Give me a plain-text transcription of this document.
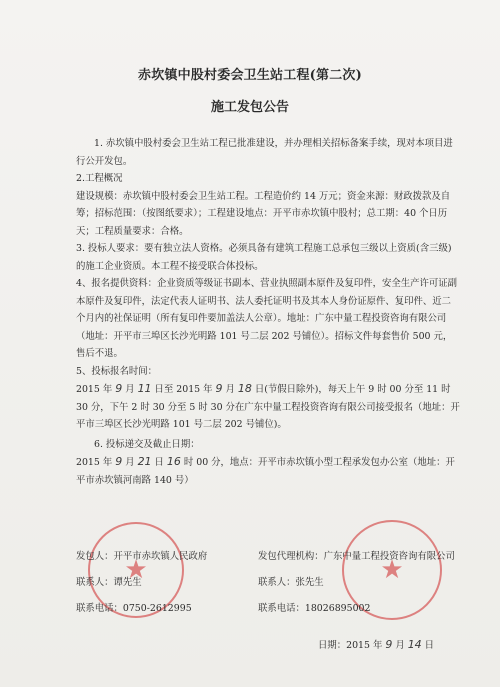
赤坎镇中股村委会卫生站工程(第二次)
施工发包公告

1. 赤坎镇中股村委会卫生站工程已批准建设，并办理相关招标备案手续，现对本项目进行公开发包。

2.工程概况

建设规模：赤坎镇中股村委会卫生站工程。工程造价约 14 万元；资金来源：财政拨款及自筹；招标范围：（按图纸要求）；工程建设地点：开平市赤坎镇中股村；总工期：40 个日历天；工程质量要求：合格。

3. 投标人要求：要有独立法人资格。必须具备有建筑工程施工总承包三级以上资质(含三级)的施工企业资质。本工程不接受联合体投标。

4、报名提供资料：企业资质等级证书副本、营业执照副本原件及复印件，安全生产许可证副本原件及复印件，法定代表人证明书、法人委托证明书及其本人身份证原件、复印件、近二个月内的社保证明（所有复印件要加盖法人公章）。地址：广东中量工程投资咨询有限公司（地址：开平市三埠区长沙光明路 101 号二层 202 号铺位）。招标文件每套售价 500 元，售后不退。

5、投标报名时间：

2015 年 9 月 11 日至 2015 年 9 月 18 日(节假日除外)，每天上午 9 时 00 分至 11 时 30 分，下午 2 时 30 分至 5 时 30 分在广东中量工程投资咨询有限公司接受报名（地址：开平市三埠区长沙光明路 101 号二层 202 号铺位)。

6. 投标递交及截止日期：

2015 年 9 月 21 日 16 时 00 分，地点：开平市赤坎镇小型工程承发包办公室（地址：开平市赤坎镇河南路 140 号）

★	★
发包人：开平市赤坎镇人民政府
联系人：谭先生
联系电话：0750-2612995
发包代理机构：广东中量工程投资咨询有限公司
联系人：张先生
联系电话：18026895002
日期：2015 年 9 月 14 日
